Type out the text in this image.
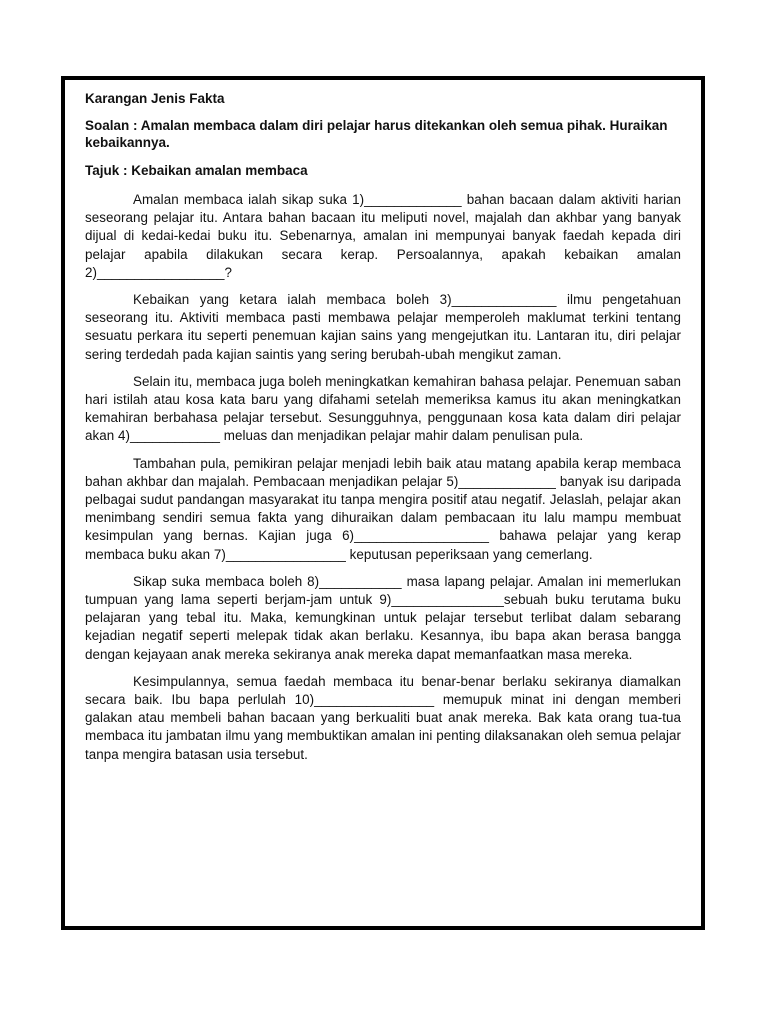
Karangan Jenis Fakta

Soalan : Amalan membaca dalam diri pelajar harus ditekankan oleh semua pihak. Huraikan kebaikannya.

Tajuk : Kebaikan amalan membaca

Amalan membaca ialah sikap suka 1)_____________ bahan bacaan dalam aktiviti harian seseorang pelajar itu. Antara bahan bacaan itu meliputi novel, majalah dan akhbar yang banyak dijual di kedai-kedai buku itu. Sebenarnya, amalan ini mempunyai banyak faedah kepada diri pelajar apabila dilakukan secara kerap. Persoalannya, apakah kebaikan amalan 2)_________________?

Kebaikan yang ketara ialah membaca boleh 3)______________ ilmu pengetahuan seseorang itu. Aktiviti membaca pasti membawa pelajar memperoleh maklumat terkini tentang sesuatu perkara itu seperti penemuan kajian sains yang mengejutkan itu. Lantaran itu, diri pelajar sering terdedah pada kajian saintis yang sering berubah-ubah mengikut zaman.

Selain itu, membaca juga boleh meningkatkan kemahiran bahasa pelajar. Penemuan saban hari istilah atau kosa kata baru yang difahami setelah memeriksa kamus itu akan meningkatkan kemahiran berbahasa pelajar tersebut. Sesungguhnya, penggunaan kosa kata dalam diri pelajar akan 4)____________ meluas dan menjadikan pelajar mahir dalam penulisan pula.

Tambahan pula, pemikiran pelajar menjadi lebih baik atau matang apabila kerap membaca bahan akhbar dan majalah. Pembacaan menjadikan pelajar 5)_____________ banyak isu daripada pelbagai sudut pandangan masyarakat itu tanpa mengira positif atau negatif. Jelaslah, pelajar akan menimbang sendiri semua fakta yang dihuraikan dalam pembacaan itu lalu mampu membuat kesimpulan yang bernas. Kajian juga 6)__________________ bahawa pelajar yang kerap membaca buku akan 7)________________ keputusan peperiksaan yang cemerlang.

Sikap suka membaca boleh 8)___________ masa lapang pelajar. Amalan ini memerlukan tumpuan yang lama seperti berjam-jam untuk 9)_______________sebuah buku terutama buku pelajaran yang tebal itu. Maka, kemungkinan untuk pelajar tersebut terlibat dalam sebarang kejadian negatif seperti melepak tidak akan berlaku. Kesannya, ibu bapa akan berasa bangga dengan kejayaan anak mereka sekiranya anak mereka dapat memanfaatkan masa mereka.

Kesimpulannya, semua faedah membaca itu benar-benar berlaku sekiranya diamalkan secara baik. Ibu bapa perlulah 10)________________ memupuk minat ini dengan memberi galakan atau membeli bahan bacaan yang berkualiti buat anak mereka. Bak kata orang tua-tua membaca itu jambatan ilmu yang membuktikan amalan ini penting dilaksanakan oleh semua pelajar tanpa mengira batasan usia tersebut.
